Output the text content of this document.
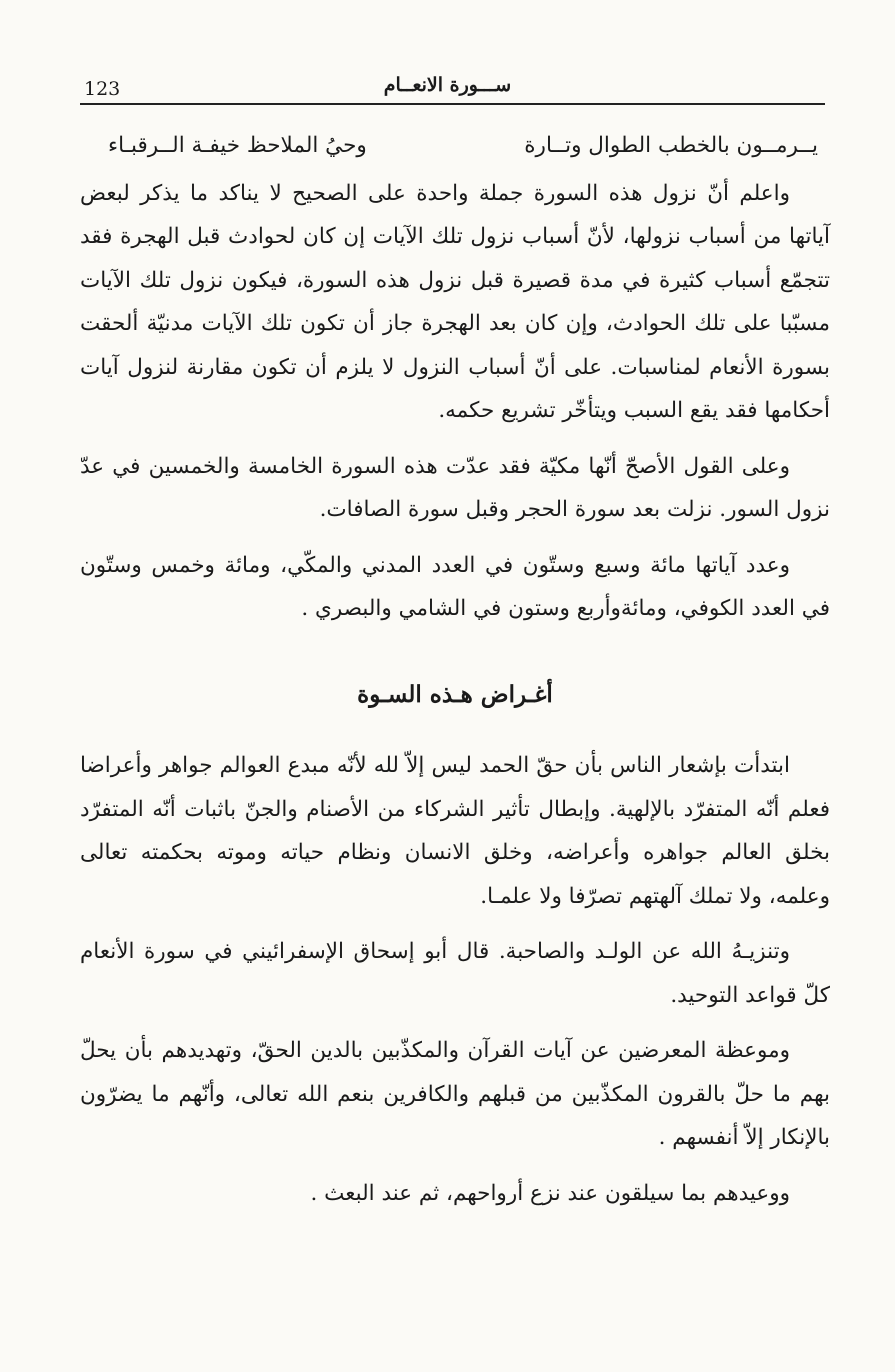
123	ســـورة الانعــام
يــرمــون بالخطب الطوال وتــارة
وحيُ الملاحظ خيفـة الــرقبـاء

واعلم أنّ نزول هذه السورة جملة واحدة على الصحيح لا يناكد ما يذكر لبعض آياتها من أسباب نزولها، لأنّ أسباب نزول تلك الآيات إن كان لحوادث قبل الهجرة فقد تتجمّع أسباب كثيرة في مدة قصيرة قبل نزول هذه السورة، فيكون نزول تلك الآيات مسبّبا على تلك الحوادث، وإن كان بعد الهجرة جاز أن تكون تلك الآيات مدنيّة ألحقت بسورة الأنعام لمناسبات. على أنّ أسباب النزول لا يلزم أن تكون مقارنة لنزول آيات أحكامها فقد يقع السبب ويتأخّر تشريع حكمه.

وعلى القول الأصحّ أنّها مكيّة فقد عدّت هذه السورة الخامسة والخمسين في عدّ نزول السور. نزلت بعد سورة الحجر وقبل سورة الصافات.

وعدد آياتها مائة وسبع وستّون في العدد المدني والمكّي، ومائة وخمس وستّون في العدد الكوفي، ومائةوأربع وستون في الشامي والبصري .

أغـراض هـذه السـوة

ابتدأت بإشعار الناس بأن حقّ الحمد ليس إلاّ لله لأنّه مبدع العوالم جواهر وأعراضا فعلم أنّه المتفرّد بالإلهية. وإبطال تأثير الشركاء من الأصنام والجنّ باثبات أنّه المتفرّد بخلق العالم جواهره وأعراضه، وخلق الانسان ونظام حياته وموته بحكمته تعالى وعلمه، ولا تملك آلهتهم تصرّفا ولا علمـا.

وتنزيـهُ الله عن الولـد والصاحبة. قال أبو إسحاق الإسفرائيني في سورة الأنعام كلّ قواعد التوحيد.

وموعظة المعرضين عن آيات القرآن والمكذّبين بالدين الحقّ، وتهديدهم بأن يحلّ بهم ما حلّ بالقرون المكذّبين من قبلهم والكافرين بنعم الله تعالى، وأنّهم ما يضرّون بالإنكار إلاّ أنفسهم .

ووعيدهم بما سيلقون عند نزع أرواحهم، ثم عند البعث .
